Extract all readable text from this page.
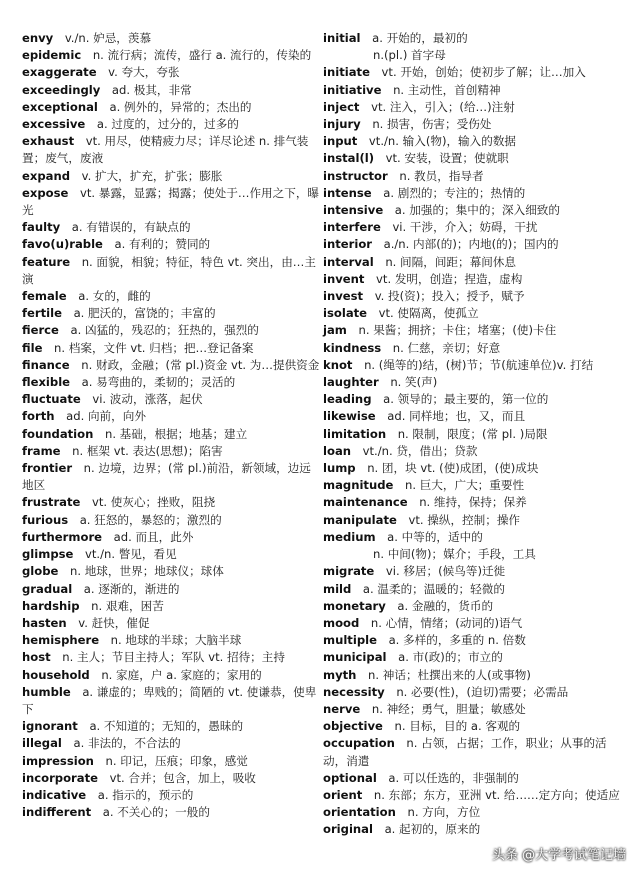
envy  v./n. 妒忌，羡慕

epidemic  n. 流行病；流传，盛行 a. 流行的，传染的

exaggerate  v. 夸大，夸张

exceedingly  ad. 极其，非常

exceptional  a. 例外的，异常的；杰出的

excessive  a. 过度的，过分的，过多的

exhaust  vt. 用尽，使精疲力尽；详尽论述 n. 排气装置；废气，废液

expand  v. 扩大，扩充，扩张；膨胀

expose  vt. 暴露，显露；揭露；使处于…作用之下，曝光

faulty  a. 有错误的，有缺点的

favo(u)rable  a. 有利的；赞同的

feature  n. 面貌，相貌；特征，特色 vt. 突出，由…主演

female  a. 女的，雌的

fertile  a. 肥沃的，富饶的；丰富的

fierce  a. 凶猛的，残忍的；狂热的，强烈的

file  n. 档案，文件 vt. 归档；把…登记备案

finance  n. 财政，金融；(常 pl.)资金 vt. 为…提供资金

flexible  a. 易弯曲的，柔韧的；灵活的

fluctuate  vi. 波动，涨落，起伏

forth  ad. 向前，向外

foundation  n. 基础，根据；地基；建立

frame  n. 框架 vt. 表达(思想)；陷害

frontier  n. 边境，边界；(常 pl.)前沿，新领域，边远地区

frustrate  vt. 使灰心；挫败，阻挠

furious  a. 狂怒的，暴怒的；激烈的

furthermore  ad. 而且，此外

glimpse  vt./n. 瞥见，看见

globe  n. 地球，世界；地球仪；球体

gradual  a. 逐渐的，渐进的

hardship  n. 艰难，困苦

hasten  v. 赶快，催促

hemisphere  n. 地球的半球；大脑半球

host  n. 主人；节目主持人；军队 vt. 招待；主持

household  n. 家庭，户 a. 家庭的；家用的

humble  a. 谦虚的；卑贱的；简陋的 vt. 使谦恭，使卑下

ignorant  a. 不知道的；无知的，愚昧的

illegal  a. 非法的，不合法的

impression  n. 印记，压痕；印象，感觉

incorporate  vt. 合并；包含，加上，吸收

indicative  a. 指示的，预示的

indifferent  a. 不关心的；一般的

initial  a. 开始的，最初的

n.(pl.) 首字母

initiate  vt. 开始，创始；使初步了解；让…加入

initiative  n. 主动性，首创精神

inject  vt. 注入，引入；(给…)注射

injury  n. 损害，伤害；受伤处

input  vt./n. 输入(物)，输入的数据

instal(l)  vt. 安装，设置；使就职

instructor  n. 教员，指导者

intense  a. 剧烈的；专注的；热情的

intensive  a. 加强的；集中的；深入细致的

interfere  vi. 干涉，介入；妨碍，干扰

interior  a./n. 内部(的)；内地(的)；国内的

interval  n. 间隔，间距；幕间休息

invent  vt. 发明，创造；捏造，虚构

invest  v. 投(资)；投入；授予，赋予

isolate  vt. 使隔离，使孤立

jam  n. 果酱；拥挤；卡住；堵塞；(使)卡住

kindness  n. 仁慈，亲切；好意

knot  n. (绳等的)结，(树)节；节(航速单位)v. 打结

laughter  n. 笑(声)

leading  a. 领导的；最主要的，第一位的

likewise  ad. 同样地；也，又，而且

limitation  n. 限制，限度；(常 pl. )局限

loan  vt./n. 贷，借出；贷款

lump  n. 团，块 vt. (使)成团，(使)成块

magnitude  n. 巨大，广大；重要性

maintenance  n. 维持，保持；保养

manipulate  vt. 操纵，控制；操作

medium  a. 中等的，适中的

n. 中间(物)；媒介；手段，工具

migrate  vi. 移居；(候鸟等)迁徙

mild  a. 温柔的；温暖的；轻微的

monetary  a. 金融的，货币的

mood  n. 心情，情绪；(动词的)语气

multiple  a. 多样的，多重的 n. 倍数

municipal  a. 市(政)的；市立的

myth  n. 神话；杜撰出来的人(或事物)

necessity  n. 必要(性)，(迫切)需要；必需品

nerve  n. 神经；勇气，胆量；敏感处

objective  n. 目标，目的 a. 客观的

occupation  n. 占领，占据；工作，职业；从事的活动，消遣

optional  a. 可以任选的，非强制的

orient  n. 东部；东方，亚洲 vt. 给……定方向；使适应

orientation  n. 方向，方位

original  a. 起初的，原来的

头条 @大学考试笔记墙
